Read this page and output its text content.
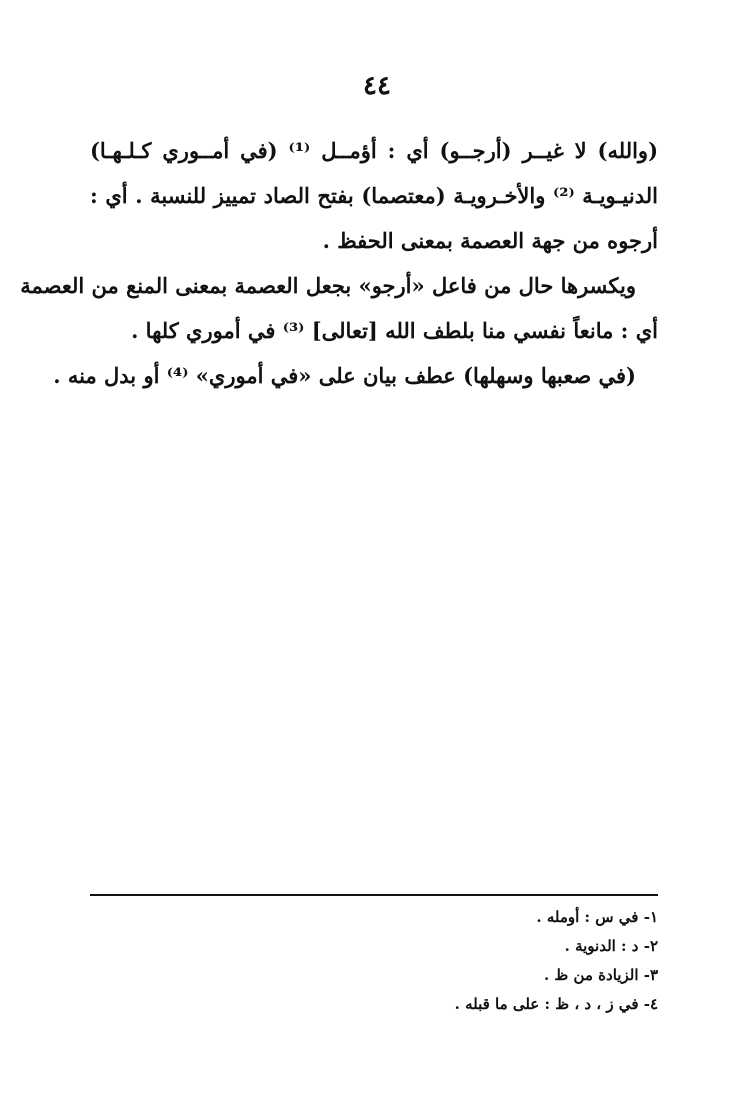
٤٤
(والله) لا غيــر (أرجــو) أي : أؤمــل ⁽¹⁾ (في أمــوري كـلـهـا)
الدنيـويـة ⁽²⁾ والأخـرويـة (معتصما) بفتح الصاد تمييز للنسبة . أي :
أرجوه من جهة العصمة بمعنى الحفظ .
ويكسرها حال من فاعل «أرجو» بجعل العصمة بمعنى المنع من العصمة
أي : مانعاً نفسي منا بلطف الله [تعالى] ⁽³⁾ في أموري كلها .
(في صعبها وسهلها) عطف بيان على «في أموري» ⁽⁴⁾ أو بدل منه .
١- في س : أومله .
٢- د : الدنوية .
٣- الزيادة من ظ .
٤- في ز ، د ، ظ : على ما قبله .
